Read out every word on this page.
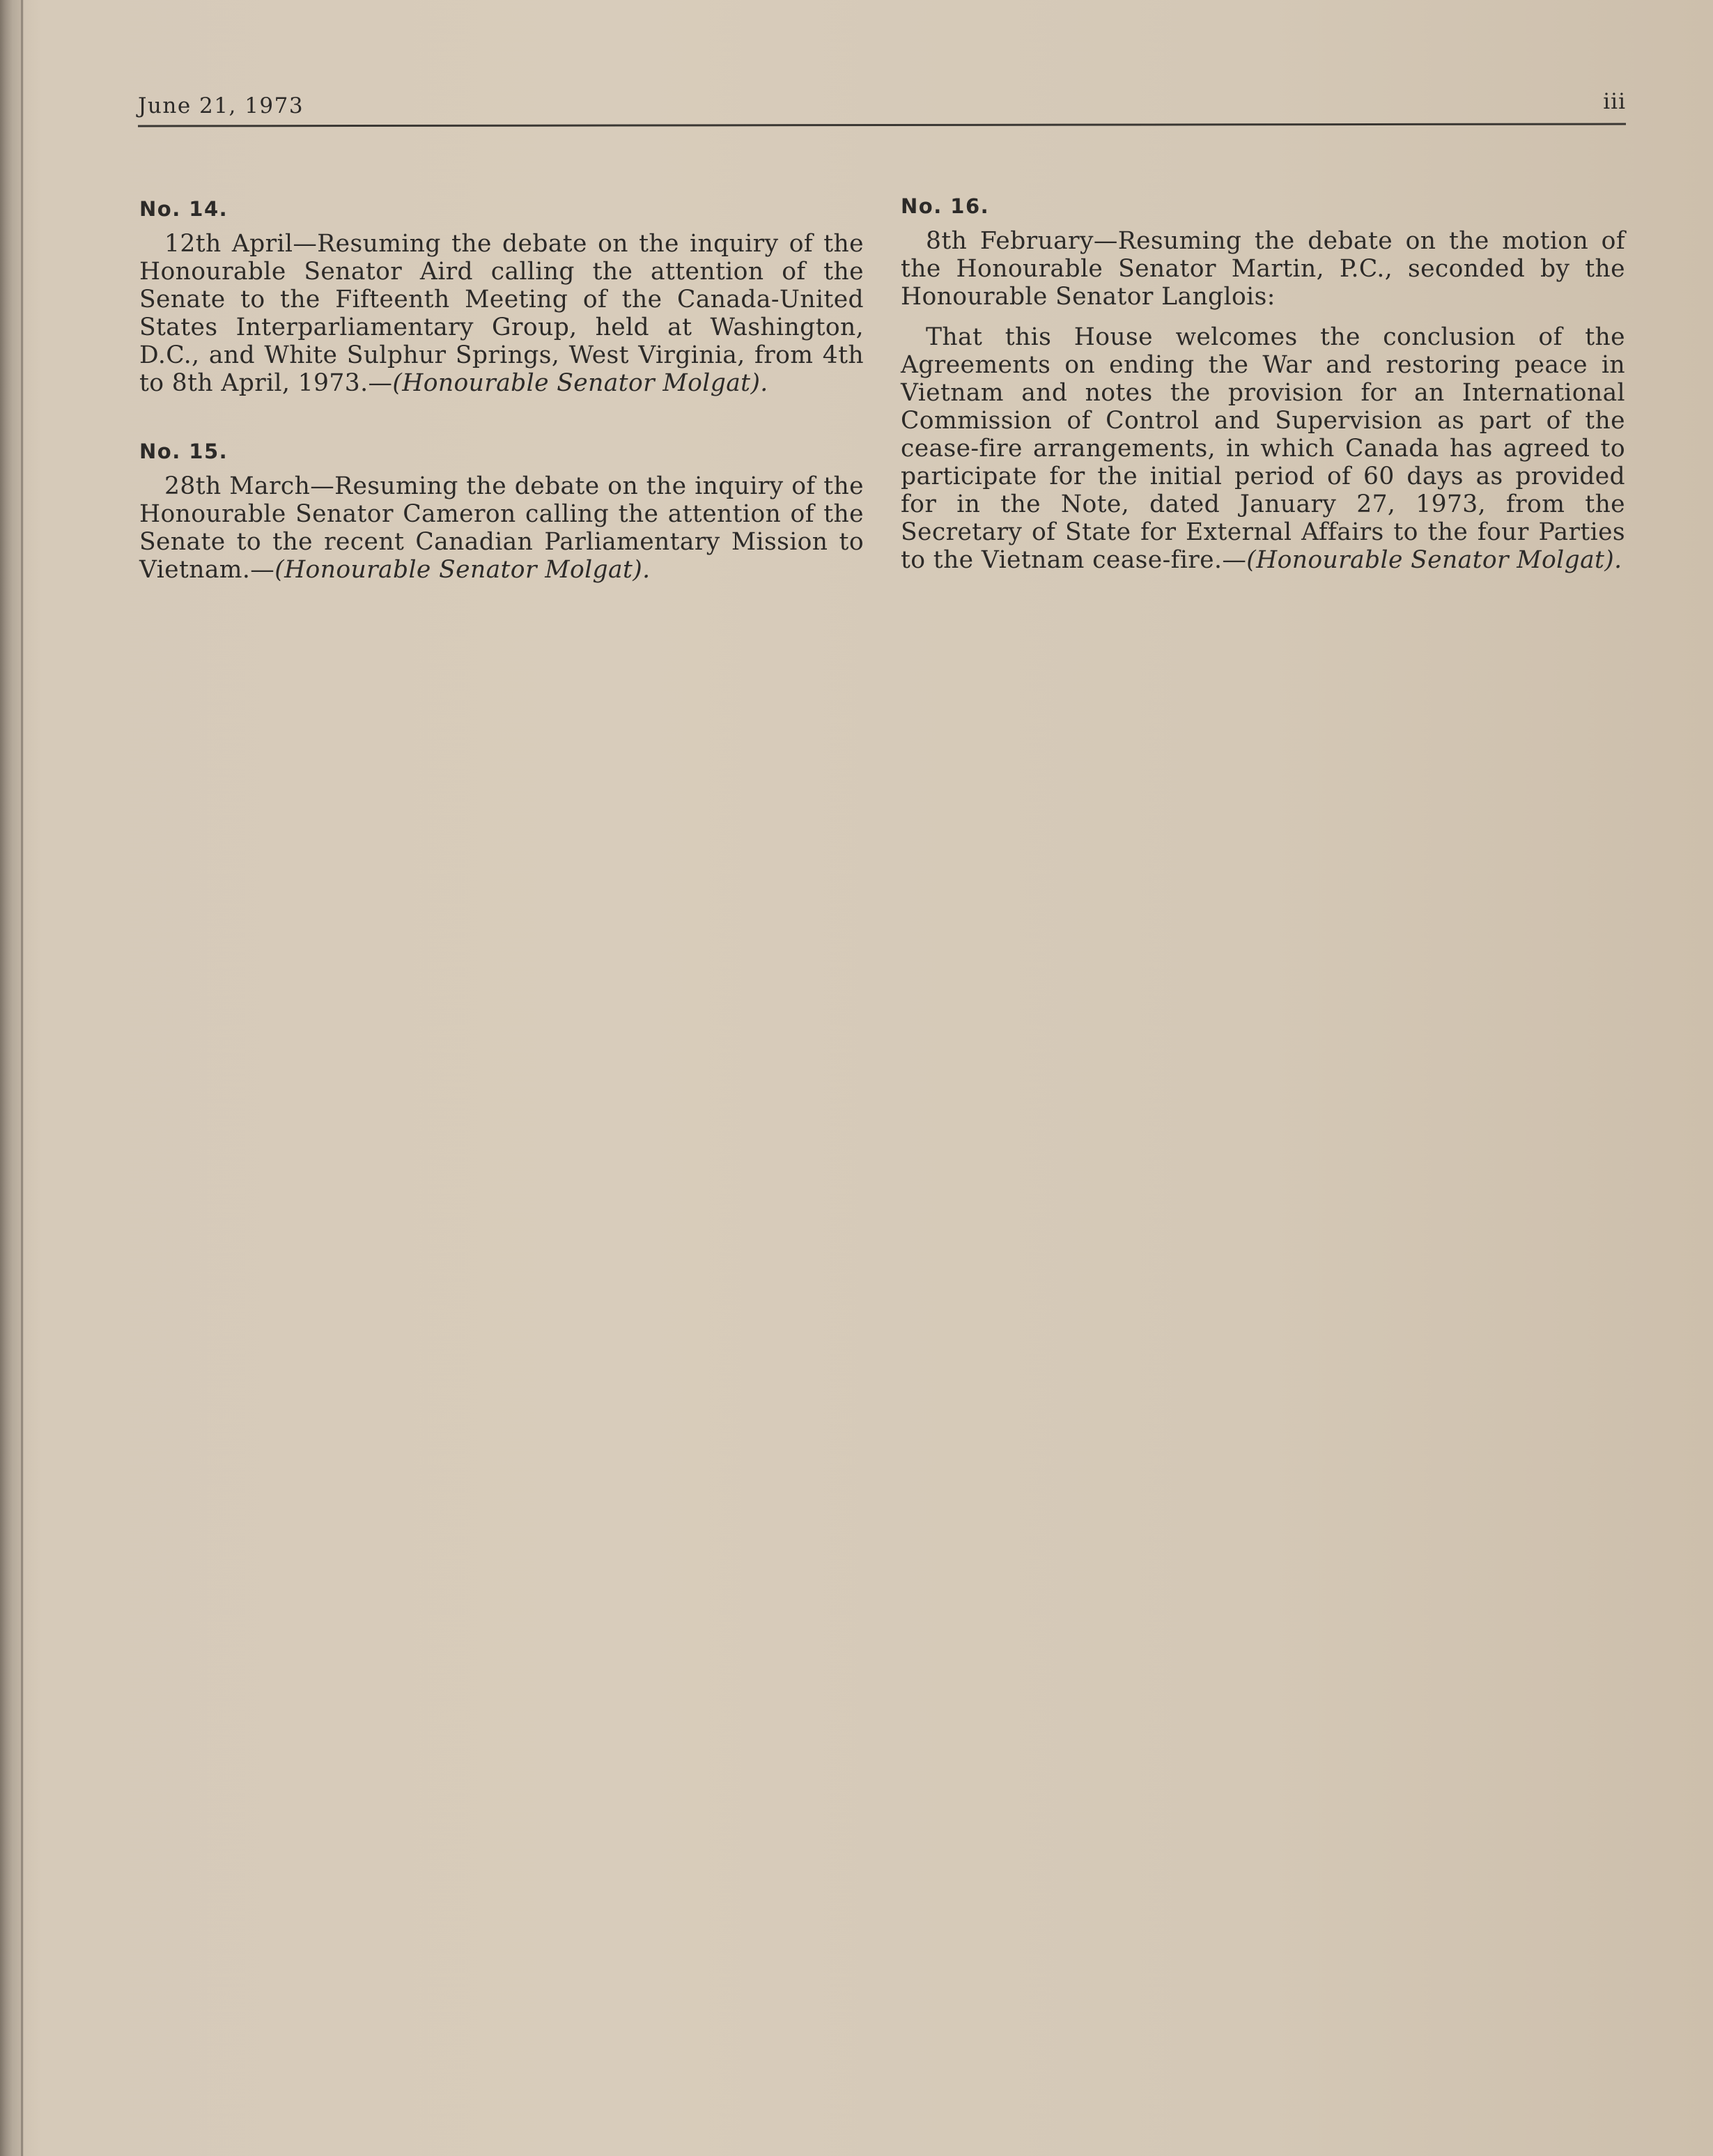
June 21, 1973	iii
No. 14.

12th April—Resuming the debate on the inquiry of the Honourable Senator Aird calling the attention of the Senate to the Fifteenth Meeting of the Canada-United States Interparliamentary Group, held at Washington, D.C., and White Sulphur Springs, West Virginia, from 4th to 8th April, 1973.—(Honourable Senator Molgat).

No. 15.

28th March—Resuming the debate on the inquiry of the Honourable Senator Cameron calling the attention of the Senate to the recent Canadian Parliamentary Mission to Vietnam.—(Honourable Senator Molgat).

No. 16.

8th February—Resuming the debate on the motion of the Honourable Senator Martin, P.C., seconded by the Honourable Senator Langlois:

That this House welcomes the conclusion of the Agreements on ending the War and restoring peace in Vietnam and notes the provision for an International Commission of Control and Supervision as part of the cease-fire arrangements, in which Canada has agreed to participate for the initial period of 60 days as provided for in the Note, dated January 27, 1973, from the Secretary of State for External Affairs to the four Parties to the Vietnam cease-fire.—(Honourable Senator Molgat).
